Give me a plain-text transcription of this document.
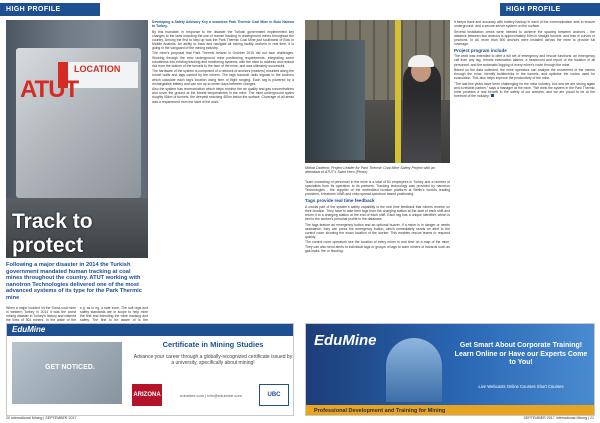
HIGH PROFILE
LOCATION
ATUT
Track to protect
Following a major disaster in 2014 the Turkish government mandated human tracking at coal mines throughout the country. ATUT working with nanotron Technologies delivered one of the most advanced systems of its type for the Park Thermic mine

When a major incident hit the Soma coal mine in western Turkey in 2014 it was the worst mining disaster in Turkey's history and claimed the lives of 301 miners. In the wake of the

e.g. as in eg, a safe zone. The soft regs and safety standards are in scope to help mine the first and intending the mine tracking and safety. The first to be aware of is the

Developing a Safety Advisory Key a seamless Park Thermic Coal Mine in Bolu Narrow to Turkey.

By this mandate, in response to the disaster the Turkish government implemented key changes to the laws including the use of human tracking in underground mines throughout the country. Among the first to step up was the Park Thermic Coal Mine just southwest of Bolu in Middle Anatolia. An ability to track and navigate all mining facility workers in real time, it is going in the vanguard of the mining industry.

The mine's proposal that Park Thermic Ireland in October 2015 did not face challenges. Working through the new underground mine positioning requirements, integrating some robustness into existing tracking and monitoring systems, with the mine to address and reduce risk from the bottom of the tunnels to the face of the mine, and was ultimately successful.

The hardware of the system is composed of a network of anchors (readers) mounted along the tunnel walls and tags carried by the miners. The tags transmit radio signals to the anchors which calculate each tag's location using time of flight ranging. Each tag is powered by a rechargeable battery and can run up to seven days between charges.

Also the system has reconstruction which helps monitor the air quality and gas concentrations and cover the ground at the lowest temperatures in the mine. The mine underground spans roughly 50km of tunnels, the deepest reaching 450m below the surface. Coverage of all areas was a requirement from the start of the work.

EduMine
GET NOTICED.
Certificate in Mining Studies
Advance your career through a globally-recognized certificate issued by a university, specifically about mining!
ARIZONA	edumine.com | info@edumine.com	UBC
20 International Mining | SEPTEMBER 2017
HIGH PROFILE
Mithat Ozdemir, Project Leader for Park Thermic Coal Mine Safety Project with an attendant of ATUT's Sabri Hero (Photo)

Team consisting of personnel in the mine is a total of 81 employees in Turkey and a number of specialists from its operation to its partners. Tracking technology was provided by nanotron Technologies - the supplier of the embedded location platform at Berlin's world's leading providers, it features UWB and chirp spread-spectrum based positioning.

Tags provide real time feedback

A crucial part of the system's safety capability is the real time feedback that miners receive on their location. They have to take their tags from the charging station at the start of each shift and return it to a charging station at the end of each shift. Each tag has a unique identifier, which is tied to the worker's personal profile in the database.

The tags feature an emergency button and an optional buzzer. If a miner is in danger or needs assistance, they can press the emergency button, which immediately sends an alert to the control room showing the exact location of the worker. This enables rescue teams to respond quickly.

The control room operators see the location of every miner in real time on a map of the mine. They can also send alerts to individual tags or groups of tags to warn miners of hazards such as gas leaks, fire or flooding.

It keeps track and accuracy with battery backup in each of the communication sets to ensure underground, and a secure server system on the surface.

Several installation crews were needed to achieve the spacing between anchors - the distance between two anchors is approximately 60m in straight tunnels, and less in curves or junctions. In all, more than 500 anchors were installed across the mine to provide full coverage.

Project program include

The work was extended to offer a full set of emergency and rescue functions: an emergency call from any tag, remote evacuation alarms, a headcount and report of the location of all personnel, and the automatic logging of every miner's route through the mine.

Based on the data collected, the mine operators can analyse the movement of the miners through the mine, identify bottlenecks in the tunnels, and optimise the routes used for evacuation. This also helps improve the productivity of the mine.

"The last few years have been challenging for the mine industry, but now we are strong again and a reliable partner," says a manager at the mine. "We think the system in the Park Thermic mine provides a real benefit to the safety of our workers, and we are proud to be at the forefront of the industry."

EduMine	Get Smart About Corporate Training! Learn Online or Have our Experts Come to You!
Live Webcasts Online Courses Short Courses
Professional Development and Training for Mining
SEPTEMBER 2017 International Mining | 21
